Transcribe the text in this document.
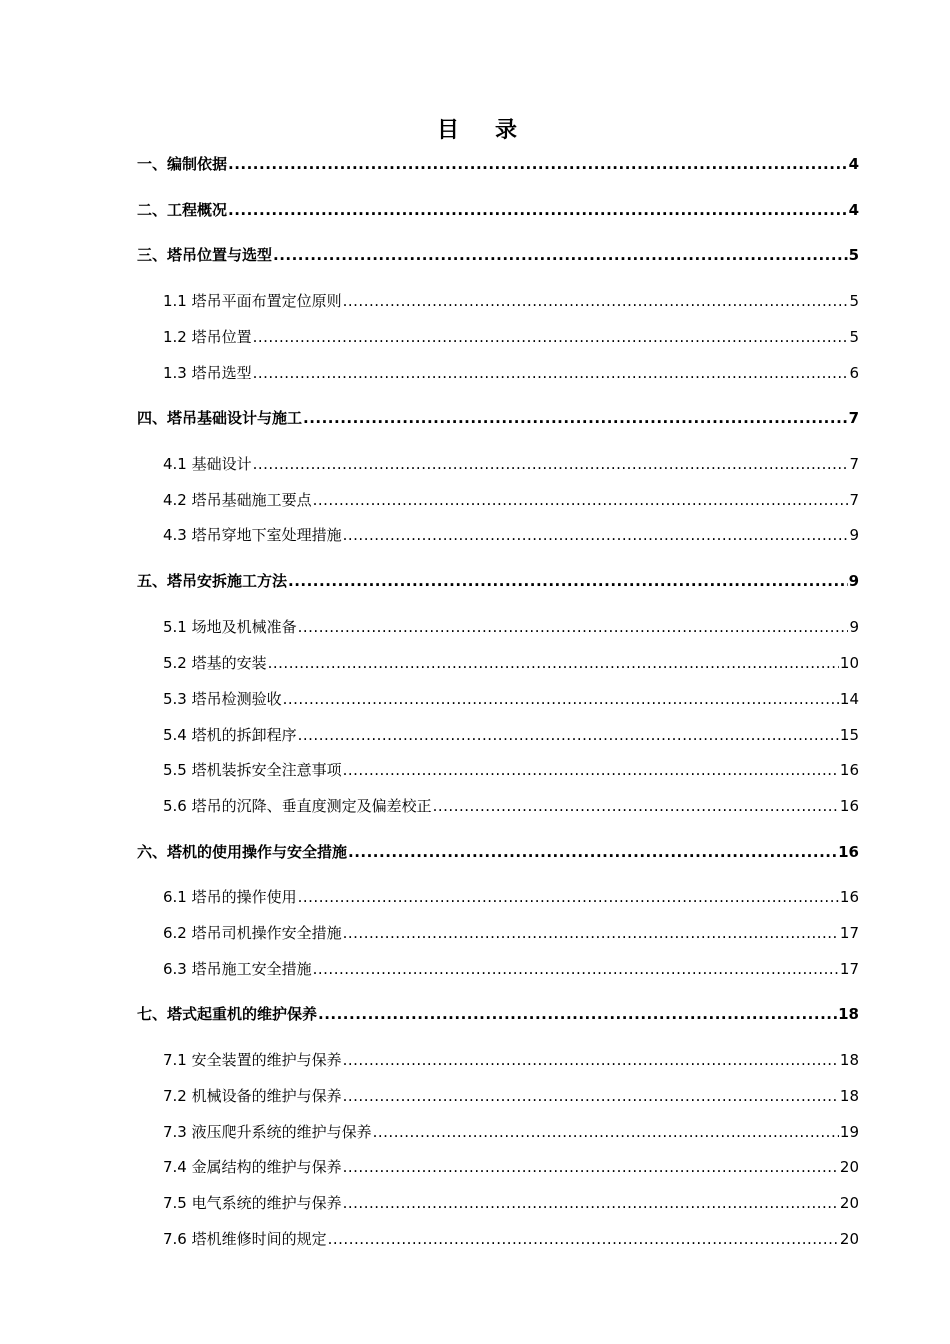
目录
一、编制依据 .....	4
二、工程概况 .....	4
三、塔吊位置与选型 .....	5
1.1 塔吊平面布置定位原则 .....	5
1.2 塔吊位置 .....	5
1.3 塔吊选型 .....	6
四、塔吊基础设计与施工 .....	7
4.1 基础设计 .....	7
4.2 塔吊基础施工要点 .....	7
4.3 塔吊穿地下室处理措施 .....	9
五、塔吊安拆施工方法 .....	9
5.1 场地及机械准备 .....	9
5.2 塔基的安装 .....	10
5.3 塔吊检测验收 .....	14
5.4 塔机的拆卸程序 .....	15
5.5 塔机装拆安全注意事项 .....	16
5.6 塔吊的沉降、垂直度测定及偏差校正 .....	16
六、塔机的使用操作与安全措施 .....	16
6.1 塔吊的操作使用 .....	16
6.2 塔吊司机操作安全措施 .....	17
6.3 塔吊施工安全措施 .....	17
七、塔式起重机的维护保养 .....	18
7.1 安全装置的维护与保养 .....	18
7.2 机械设备的维护与保养 .....	18
7.3 液压爬升系统的维护与保养 .....	19
7.4 金属结构的维护与保养 .....	20
7.5 电气系统的维护与保养 .....	20
7.6 塔机维修时间的规定 .....	20
